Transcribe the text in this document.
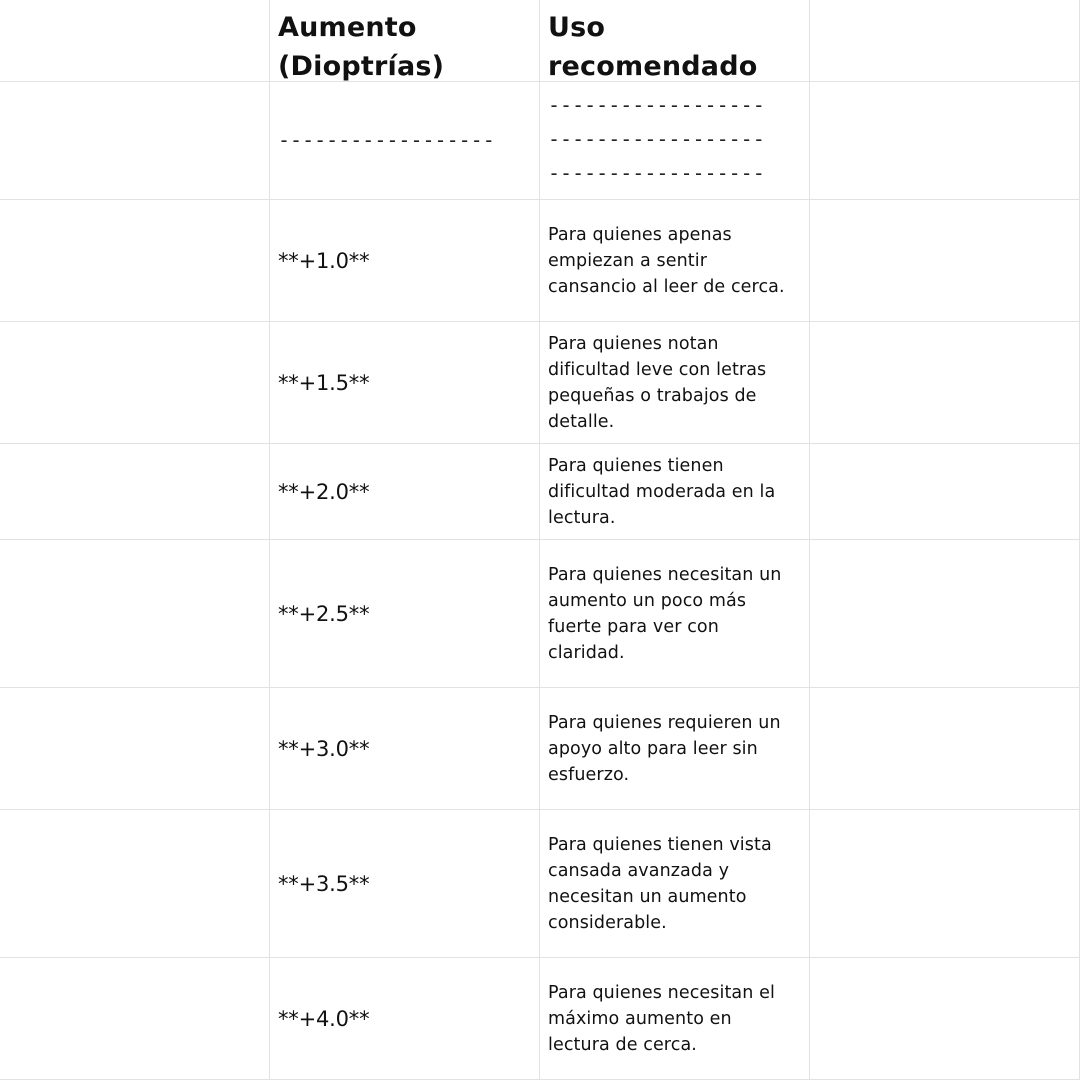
Aumento
(Dioptrías)
Uso
recomendado
------------------
------------------
------------------
------------------
**+1.0**
Para quienes apenas
empiezan a sentir
cansancio al leer de cerca.
**+1.5**
Para quienes notan
dificultad leve con letras
pequeñas o trabajos de
detalle.
**+2.0**
Para quienes tienen
dificultad moderada en la
lectura.
**+2.5**
Para quienes necesitan un
aumento un poco más
fuerte para ver con
claridad.
**+3.0**
Para quienes requieren un
apoyo alto para leer sin
esfuerzo.
**+3.5**
Para quienes tienen vista
cansada avanzada y
necesitan un aumento
considerable.
**+4.0**
Para quienes necesitan el
máximo aumento en
lectura de cerca.
